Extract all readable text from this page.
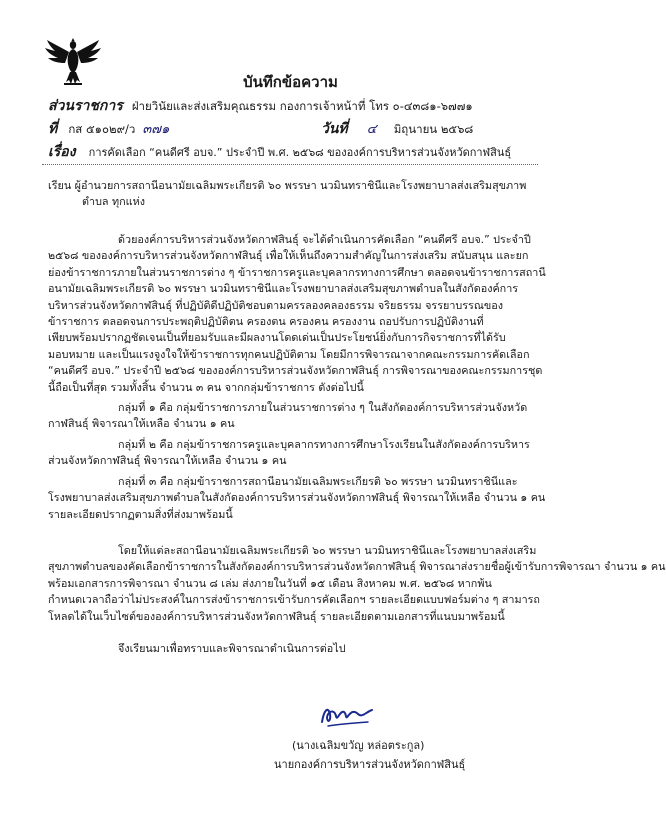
บันทึกข้อความ
ส่วนราชการ ฝ่ายวินัยและส่งเสริมคุณธรรม กองการเจ้าหน้าที่ โทร ๐-๔๓๘๑-๖๗๗๑
ที่ กส ๕๑๐๒๙/ว ๓๗๑	วันที่ ๔ มิถุนายน ๒๕๖๘
เรื่อง การคัดเลือก “คนดีศรี อบจ.” ประจำปี พ.ศ. ๒๕๖๘ ขององค์การบริหารส่วนจังหวัดกาฬสินธุ์
เรียน ผู้อำนวยการสถานีอนามัยเฉลิมพระเกียรติ ๖๐ พรรษา นวมินทราชินีและโรงพยาบาลส่งเสริมสุขภาพ
ตำบล ทุกแห่ง
ด้วยองค์การบริหารส่วนจังหวัดกาฬสินธุ์ จะได้ดำเนินการคัดเลือก “คนดีศรี อบจ.” ประจำปี
๒๕๖๘ ขององค์การบริหารส่วนจังหวัดกาฬสินธุ์ เพื่อให้เห็นถึงความสำคัญในการส่งเสริม สนับสนุน และยก
ย่องข้าราชการภายในส่วนราชการต่าง ๆ ข้าราชการครูและบุคลากรทางการศึกษา ตลอดจนข้าราชการสถานี
อนามัยเฉลิมพระเกียรติ ๖๐ พรรษา นวมินทราชินีและโรงพยาบาลส่งเสริมสุขภาพตำบลในสังกัดองค์การ
บริหารส่วนจังหวัดกาฬสินธุ์ ที่ปฏิบัติดีปฏิบัติชอบตามครรลองคลองธรรม จริยธรรม จรรยาบรรณของ
ข้าราชการ ตลอดจนการประพฤติปฏิบัติตน ครองตน ครองคน ครองงาน ถอปรับการปฏิบัติงานที่
เพียบพร้อมปรากฏชัดเจนเป็นที่ยอมรับและมีผลงานโดดเด่นเป็นประโยชน์ยิ่งกับการกิจราชการที่ได้รับ
มอบหมาย และเป็นแรงจูงใจให้ข้าราชการทุกคนปฏิบัติตาม โดยมีการพิจารณาจากคณะกรรมการคัดเลือก
“คนดีศรี อบจ.” ประจำปี ๒๕๖๘ ขององค์การบริหารส่วนจังหวัดกาฬสินธุ์ การพิจารณาของคณะกรรมการชุด
นี้ถือเป็นที่สุด รวมทั้งสิ้น จำนวน ๓ คน จากกลุ่มข้าราชการ ดังต่อไปนี้
กลุ่มที่ ๑ คือ กลุ่มข้าราชการภายในส่วนราชการต่าง ๆ ในสังกัดองค์การบริหารส่วนจังหวัด
กาฬสินธุ์ พิจารณาให้เหลือ จำนวน ๑ คน
กลุ่มที่ ๒ คือ กลุ่มข้าราชการครูและบุคลากรทางการศึกษาโรงเรียนในสังกัดองค์การบริหาร
ส่วนจังหวัดกาฬสินธุ์ พิจารณาให้เหลือ จำนวน ๑ คน
กลุ่มที่ ๓ คือ กลุ่มข้าราชการสถานีอนามัยเฉลิมพระเกียรติ ๖๐ พรรษา นวมินทราชินีและ
โรงพยาบาลส่งเสริมสุขภาพตำบลในสังกัดองค์การบริหารส่วนจังหวัดกาฬสินธุ์ พิจารณาให้เหลือ จำนวน ๑ คน
รายละเอียดปรากฏตามสิ่งที่ส่งมาพร้อมนี้
โดยให้แต่ละสถานีอนามัยเฉลิมพระเกียรติ ๖๐ พรรษา นวมินทราชินีและโรงพยาบาลส่งเสริม
สุขภาพตำบลของคัดเลือกข้าราชการในสังกัดองค์การบริหารส่วนจังหวัดกาฬสินธุ์ พิจารณาส่งรายชื่อผู้เข้ารับการพิจารณา จำนวน ๑ คน
พร้อมเอกสารการพิจารณา จำนวน ๘ เล่ม ส่งภายในวันที่ ๑๕ เดือน สิงหาคม พ.ศ. ๒๕๖๘ หากพ้น
กำหนดเวลาถือว่าไม่ประสงค์ในการส่งข้าราชการเข้ารับการคัดเลือกฯ รายละเอียดแบบฟอร์มต่าง ๆ สามารถ
โหลดได้ในเว็บไซต์ขององค์การบริหารส่วนจังหวัดกาฬสินธุ์ รายละเอียดตามเอกสารที่แนบมาพร้อมนี้
จึงเรียนมาเพื่อทราบและพิจารณาดำเนินการต่อไป
(นางเฉลิมขวัญ หล่อตระกูล)
นายกองค์การบริหารส่วนจังหวัดกาฬสินธุ์
